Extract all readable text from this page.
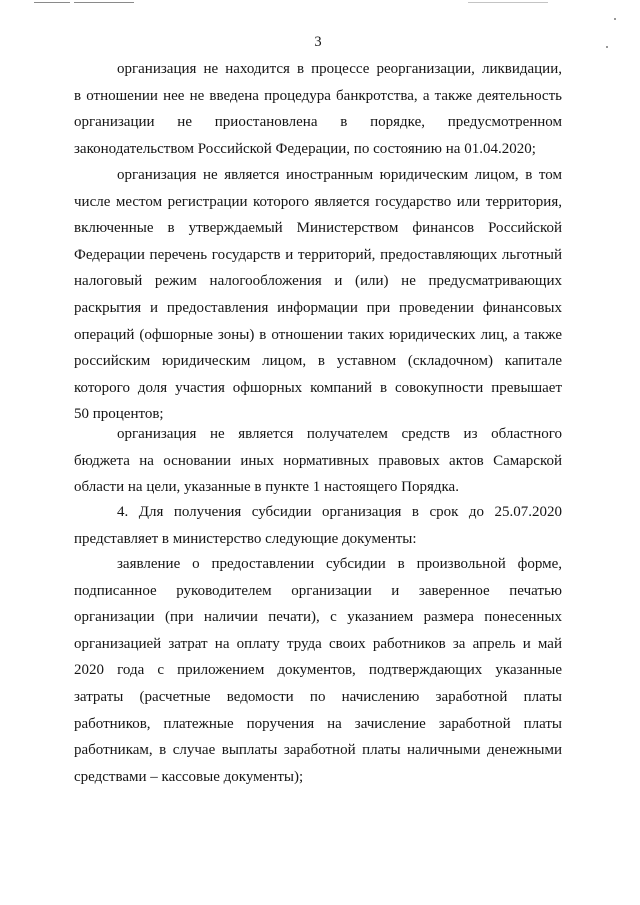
3
организация не находится в процессе реорганизации, ликвидации,
в отношении нее не введена процедура банкротства, а также деятельность
организации не приостановлена в порядке, предусмотренном
законодательством Российской Федерации, по состоянию на 01.04.2020;
организация не является иностранным юридическим лицом, в том
числе местом регистрации которого является государство или территория,
включенные в утверждаемый Министерством финансов Российской
Федерации перечень государств и территорий, предоставляющих льготный
налоговый режим налогообложения и (или) не предусматривающих
раскрытия и предоставления информации при проведении финансовых
операций (офшорные зоны) в отношении таких юридических лиц, а также
российским юридическим лицом, в уставном (складочном) капитале
которого доля участия офшорных компаний в совокупности превышает
50 процентов;
организация не является получателем средств из областного
бюджета на основании иных нормативных правовых актов Самарской
области на цели, указанные в пункте 1 настоящего Порядка.
4. Для получения субсидии организация в срок до 25.07.2020
представляет в министерство следующие документы:
заявление о предоставлении субсидии в произвольной форме,
подписанное руководителем организации и заверенное печатью
организации (при наличии печати), с указанием размера понесенных
организацией затрат на оплату труда своих работников за апрель и май
2020 года с приложением документов, подтверждающих указанные
затраты (расчетные ведомости по начислению заработной платы
работников, платежные поручения на зачисление заработной платы
работникам, в случае выплаты заработной платы наличными денежными
средствами – кассовые документы);
